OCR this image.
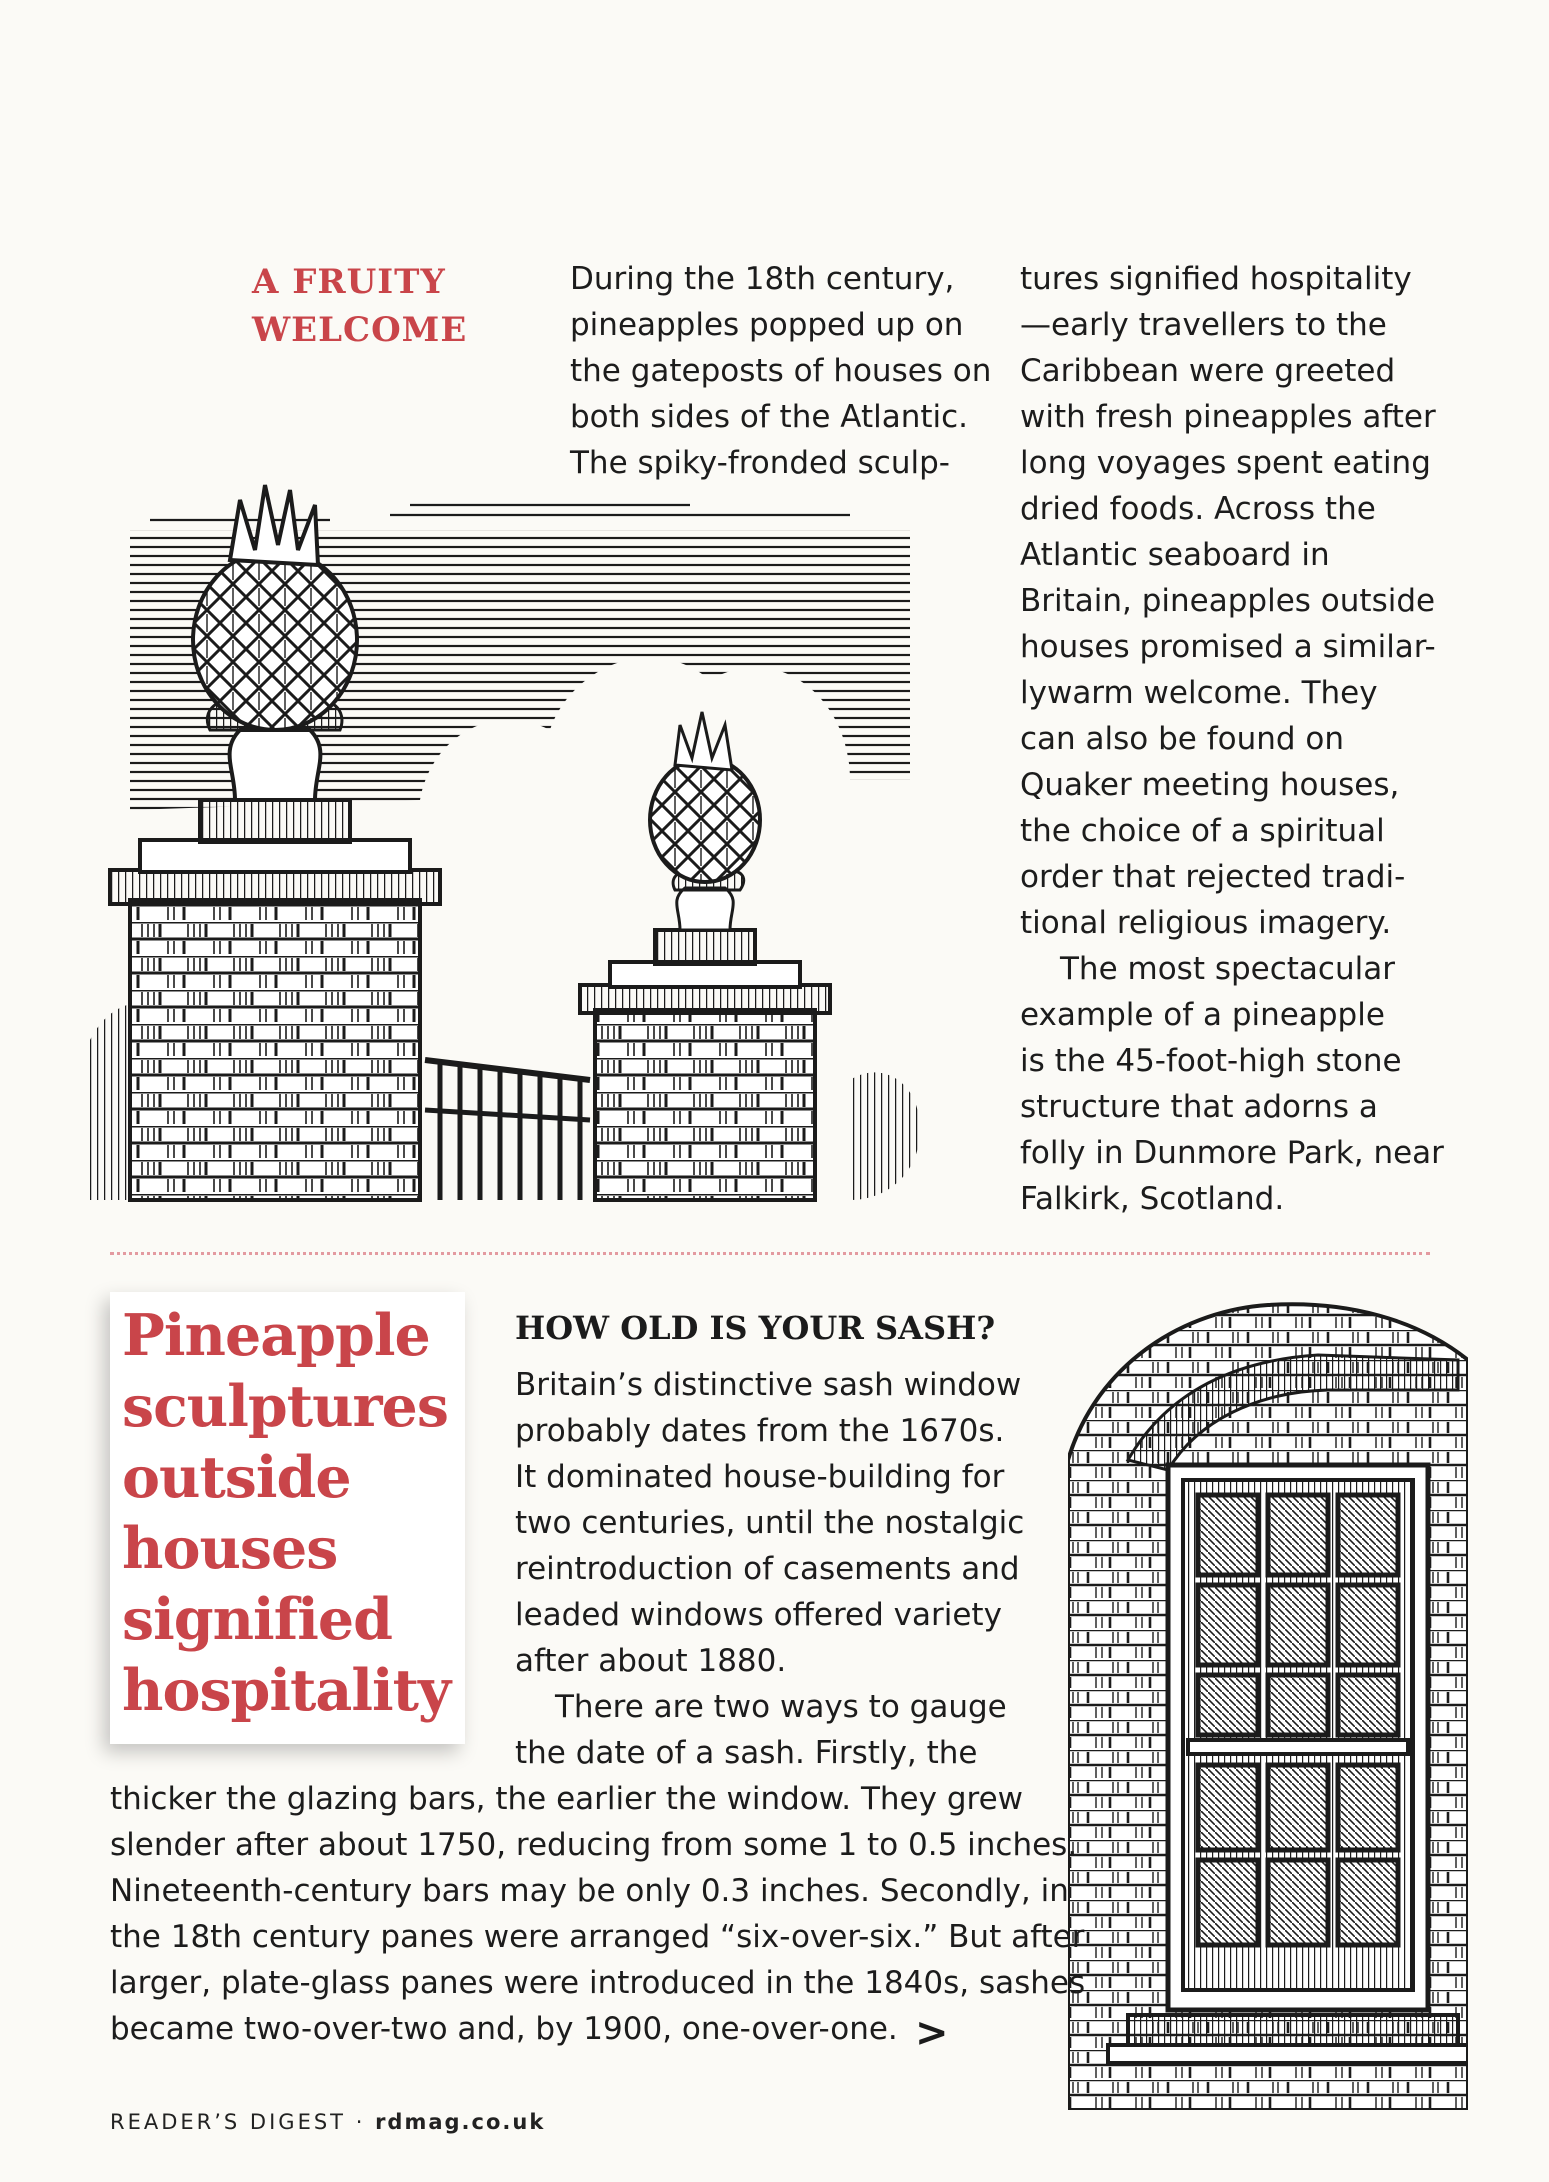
A FRUITY
WELCOME
During the 18th century,
pineapples popped up on
the gateposts of houses on
both sides of the Atlantic.
The spiky-fronded sculp-
tures signified hospitality
—early travellers to the
Caribbean were greeted
with fresh pineapples after
long voyages spent eating
dried foods. Across the
Atlantic seaboard in
Britain, pineapples outside
houses promised a similar-
lywarm welcome. They
can also be found on
Quaker meeting houses,
the choice of a spiritual
order that rejected tradi-
tional religious imagery.
The most spectacular
example of a pineapple
is the 45-foot-high stone
structure that adorns a
folly in Dunmore Park, near
Falkirk, Scotland.
Pineapple
sculptures
outside
houses
signified
hospitality
HOW OLD IS YOUR SASH?
Britain’s distinctive sash window
probably dates from the 1670s.
It dominated house-building for
two centuries, until the nostalgic
reintroduction of casements and
leaded windows offered variety
after about 1880.
There are two ways to gauge
the date of a sash. Firstly, the
thicker the glazing bars, the earlier the window. They grew
slender after about 1750, reducing from some 1 to 0.5 inches.
Nineteenth-century bars may be only 0.3 inches. Secondly, in
the 18th century panes were arranged “six-over-six.” But after
larger, plate-glass panes were introduced in the 1840s, sashes
became two-over-two and, by 1900, one-over-one. >
READER’S DIGEST · rdmag.co.uk
